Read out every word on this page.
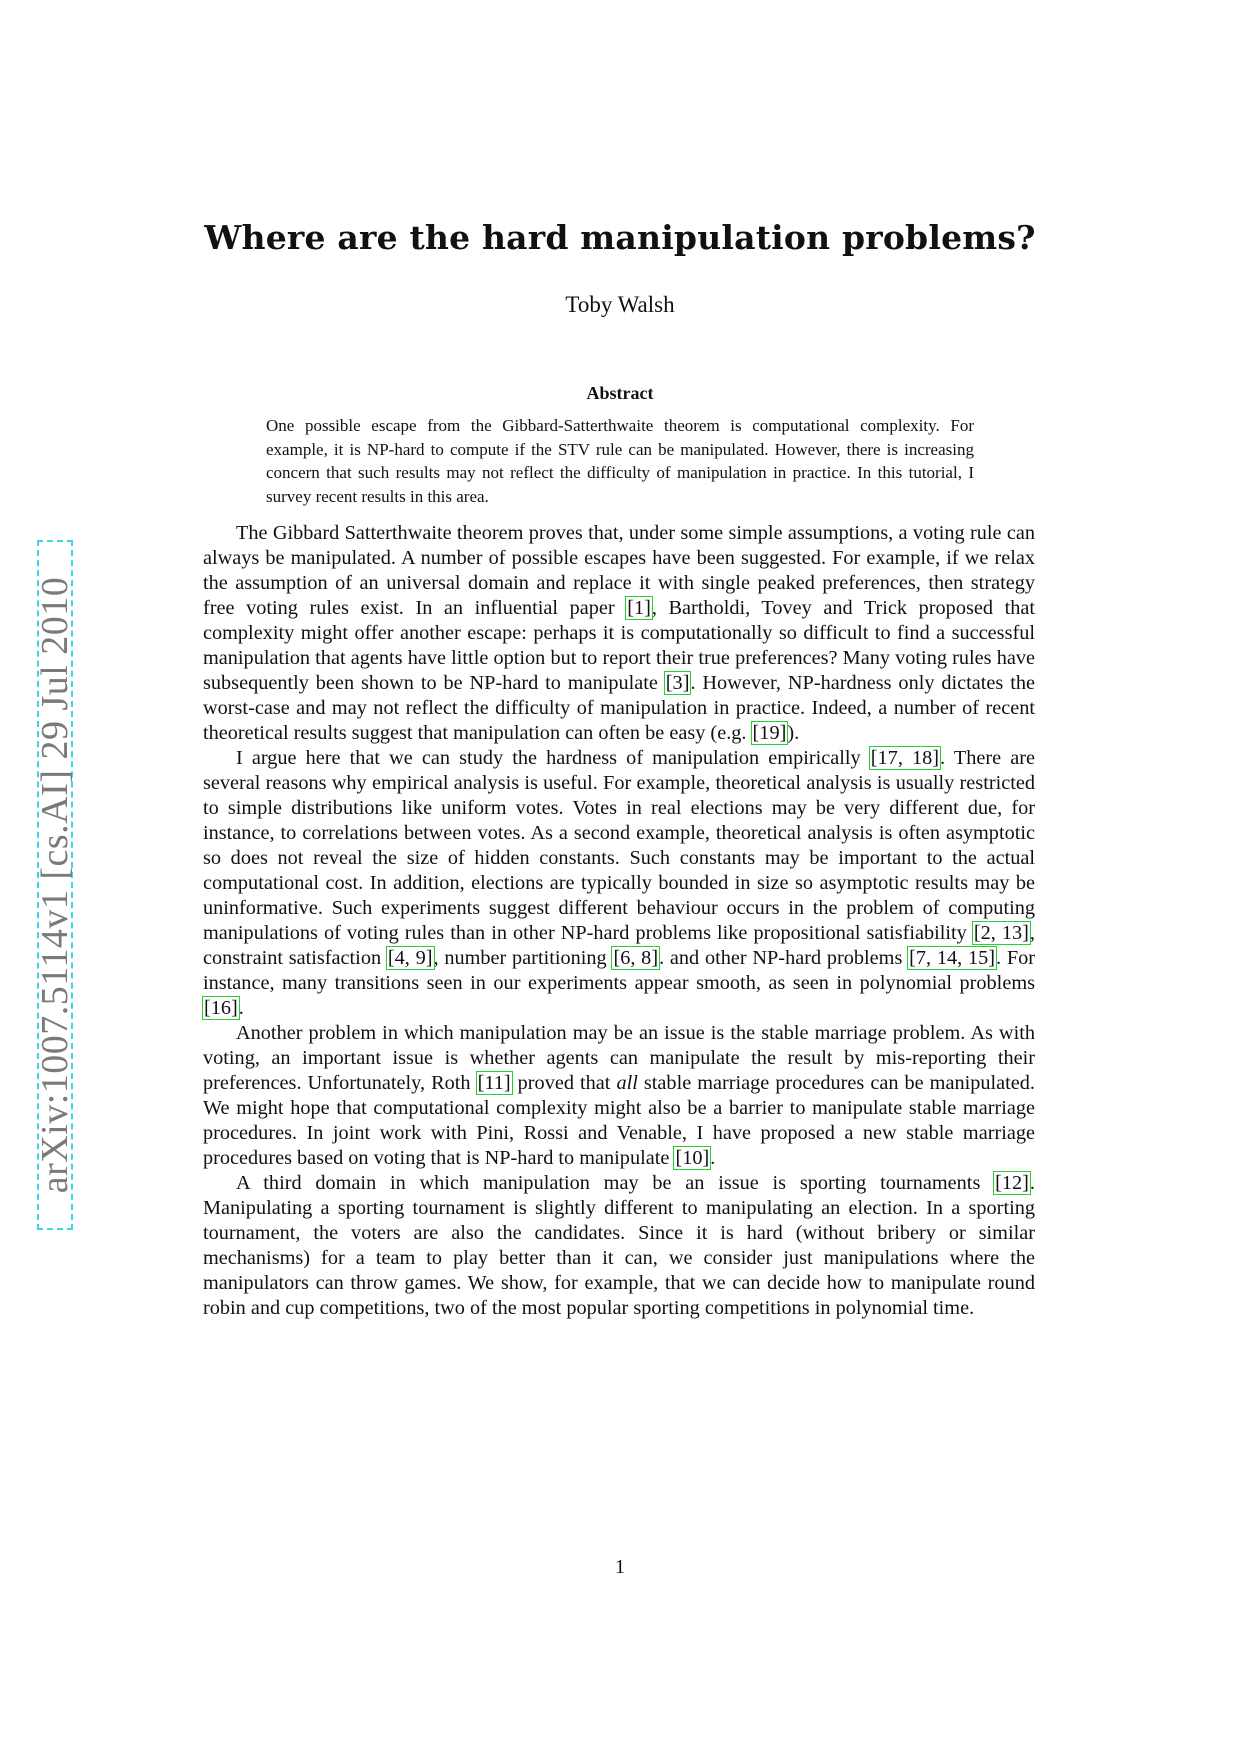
arXiv:1007.5114v1 [cs.AI] 29 Jul 2010
Where are the hard manipulation problems?
Toby Walsh
Abstract
One possible escape from the Gibbard-Satterthwaite theorem is computational complexity. For example, it is NP-hard to compute if the STV rule can be manipulated. However, there is increasing concern that such results may not reflect the difficulty of manipulation in practice. In this tutorial, I survey recent results in this area.

The Gibbard Satterthwaite theorem proves that, under some simple assumptions, a voting rule can always be manipulated. A number of possible escapes have been suggested. For example, if we relax the assumption of an universal domain and replace it with single peaked preferences, then strategy free voting rules exist. In an influential paper [1], Bartholdi, Tovey and Trick proposed that complexity might offer another escape: perhaps it is computationally so difficult to find a successful manipulation that agents have little option but to report their true preferences? Many voting rules have subsequently been shown to be NP-hard to manipulate [3]. However, NP-hardness only dictates the worst-case and may not reflect the difficulty of manipulation in practice. Indeed, a number of recent theoretical results suggest that manipulation can often be easy (e.g. [19]).

I argue here that we can study the hardness of manipulation empirically [17, 18]. There are several reasons why empirical analysis is useful. For example, theoretical analysis is usually restricted to simple distributions like uniform votes. Votes in real elections may be very different due, for instance, to correlations between votes. As a second example, theoretical analysis is often asymptotic so does not reveal the size of hidden constants. Such constants may be important to the actual computational cost. In addition, elections are typically bounded in size so asymptotic results may be uninformative. Such experiments suggest different behaviour occurs in the problem of computing manipulations of voting rules than in other NP-hard problems like propositional satisfiability [2, 13], constraint satisfaction [4, 9], number partitioning [6, 8]. and other NP-hard problems [7, 14, 15]. For instance, many transitions seen in our experiments appear smooth, as seen in polynomial problems [16].

Another problem in which manipulation may be an issue is the stable marriage problem. As with voting, an important issue is whether agents can manipulate the result by mis-reporting their preferences. Unfortunately, Roth [11] proved that all stable marriage procedures can be manipulated. We might hope that computational complexity might also be a barrier to manipulate stable marriage procedures. In joint work with Pini, Rossi and Venable, I have proposed a new stable marriage procedures based on voting that is NP-hard to manipulate [10].

A third domain in which manipulation may be an issue is sporting tournaments [12]. Manipulating a sporting tournament is slightly different to manipulating an election. In a sporting tournament, the voters are also the candidates. Since it is hard (without bribery or similar mechanisms) for a team to play better than it can, we consider just manipulations where the manipulators can throw games. We show, for example, that we can decide how to manipulate round robin and cup competitions, two of the most popular sporting competitions in polynomial time.

1
